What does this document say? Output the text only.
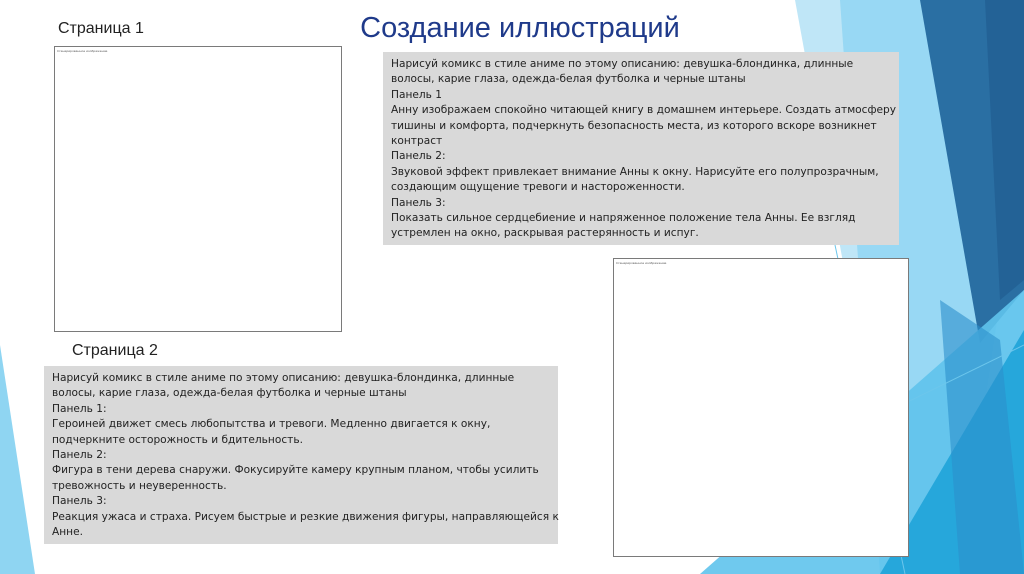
Создание иллюстраций
Страница 1
Сгенерированное изображение
Нарисуй комикс в стиле аниме по этому описанию: девушка-блондинка, длинные
волосы, карие глаза, одежда-белая футболка и черные штаны
Панель 1
Анну изображаем спокойно читающей книгу в домашнем интерьере. Создать атмосферу
тишины и комфорта, подчеркнуть безопасность места, из которого вскоре возникнет
контраст
Панель 2:
Звуковой эффект привлекает внимание Анны к окну. Нарисуйте его полупрозрачным,
создающим ощущение тревоги и настороженности.
Панель 3:
Показать сильное сердцебиение и напряженное положение тела Анны. Ее взгляд
устремлен на окно, раскрывая растерянность и испуг.
Сгенерированное изображение
Страница 2
Нарисуй комикс в стиле аниме по этому описанию: девушка-блондинка, длинные
волосы, карие глаза, одежда-белая футболка и черные штаны
Панель 1:
Героиней движет смесь любопытства и тревоги. Медленно двигается к окну,
подчеркните осторожность и бдительность.
Панель 2:
Фигура в тени дерева снаружи. Фокусируйте камеру крупным планом, чтобы усилить
тревожность и неуверенность.
Панель 3:
Реакция ужаса и страха. Рисуем быстрые и резкие движения фигуры, направляющейся к
Анне.
